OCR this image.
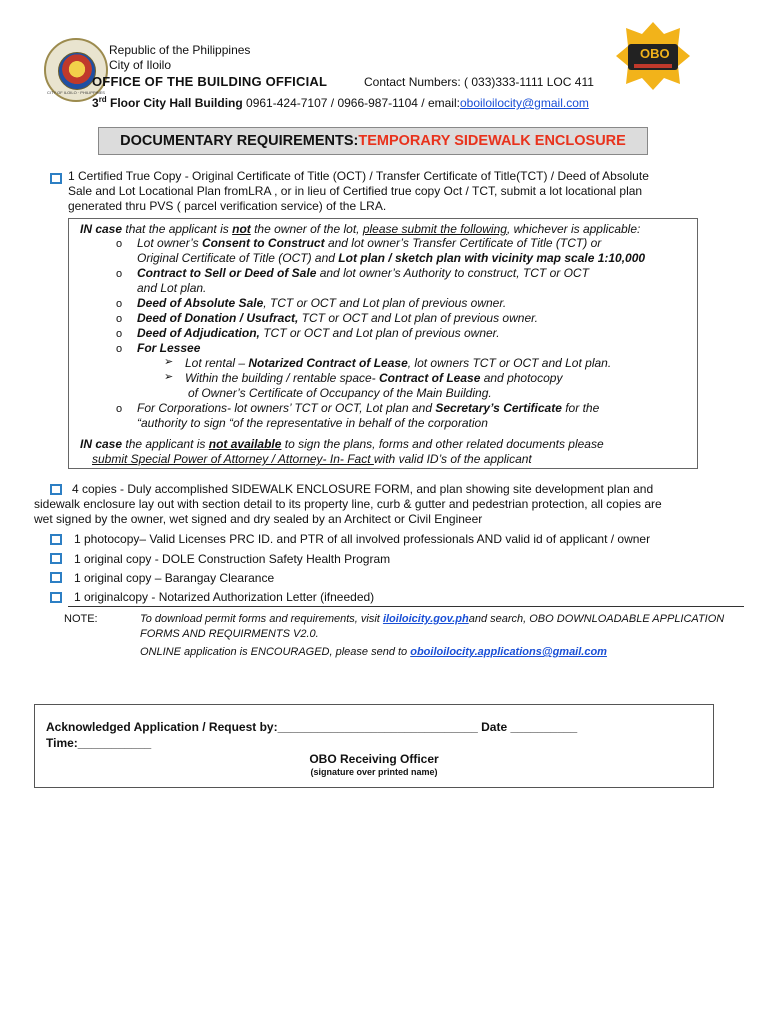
CITY OF ILOILO · PHILIPPINES
OBO
Republic of the Philippines
City of Iloilo
OFFICE OF THE BUILDING OFFICIAL	Contact Numbers: ( 033)333-1111 LOC 411
3rd Floor City Hall Building 0961-424-7107 / 0966-987-1104 / email:oboiloilocity@gmail.com
DOCUMENTARY REQUIREMENTS:TEMPORARY SIDEWALK ENCLOSURE
1 Certified True Copy - Original Certificate of Title (OCT) / Transfer Certificate of Title(TCT) / Deed of Absolute
Sale and Lot Locational Plan fromLRA , or in lieu of Certified true copy Oct / TCT, submit a lot locational plan
generated thru PVS ( parcel verification service) of the LRA.
IN case that the applicant is not the owner of the lot, please submit the following, whichever is applicable:
o Lot owner’s Consent to Construct and lot owner’s Transfer Certificate of Title (TCT) or
Original Certificate of Title (OCT) and Lot plan / sketch plan with vicinity map scale 1:10,000
o Contract to Sell or Deed of Sale and lot owner’s Authority to construct, TCT or OCT
and Lot plan.
o Deed of Absolute Sale, TCT or OCT and Lot plan of previous owner.
o Deed of Donation / Usufract, TCT or OCT and Lot plan of previous owner.
o Deed of Adjudication, TCT or OCT and Lot plan of previous owner.
o For Lessee
➢ Lot rental – Notarized Contract of Lease, lot owners TCT or OCT and Lot plan.
➢ Within the building / rentable space- Contract of Lease and photocopy
of Owner’s Certificate of Occupancy of the Main Building.
o For Corporations- lot owners’ TCT or OCT, Lot plan and Secretary’s Certificate for the
“authority to sign “of the representative in behalf of the corporation
IN case the applicant is not available to sign the plans, forms and other related documents please
submit Special Power of Attorney / Attorney- In- Fact with valid ID’s of the applicant
4 copies - Duly accomplished SIDEWALK ENCLOSURE FORM, and plan showing site development plan and
sidewalk enclosure lay out with section detail to its property line, curb & gutter and pedestrian protection, all copies are
wet signed by the owner, wet signed and dry sealed by an Architect or Civil Engineer
1 photocopy– Valid Licenses PRC ID. and PTR of all involved professionals AND valid id of applicant / owner
1 original copy - DOLE Construction Safety Health Program
1 original copy – Barangay Clearance
1 originalcopy - Notarized Authorization Letter (ifneeded)
NOTE:	To download permit forms and requirements, visit iloiloicity.gov.phand search, OBO DOWNLOADABLE APPLICATION
FORMS AND REQUIRMENTS V2.0.
ONLINE application is ENCOURAGED, please send to oboiloilocity.applications@gmail.com
Acknowledged Application / Request by:______________________________ Date __________
Time:___________
OBO Receiving Officer
(signature over printed name)
